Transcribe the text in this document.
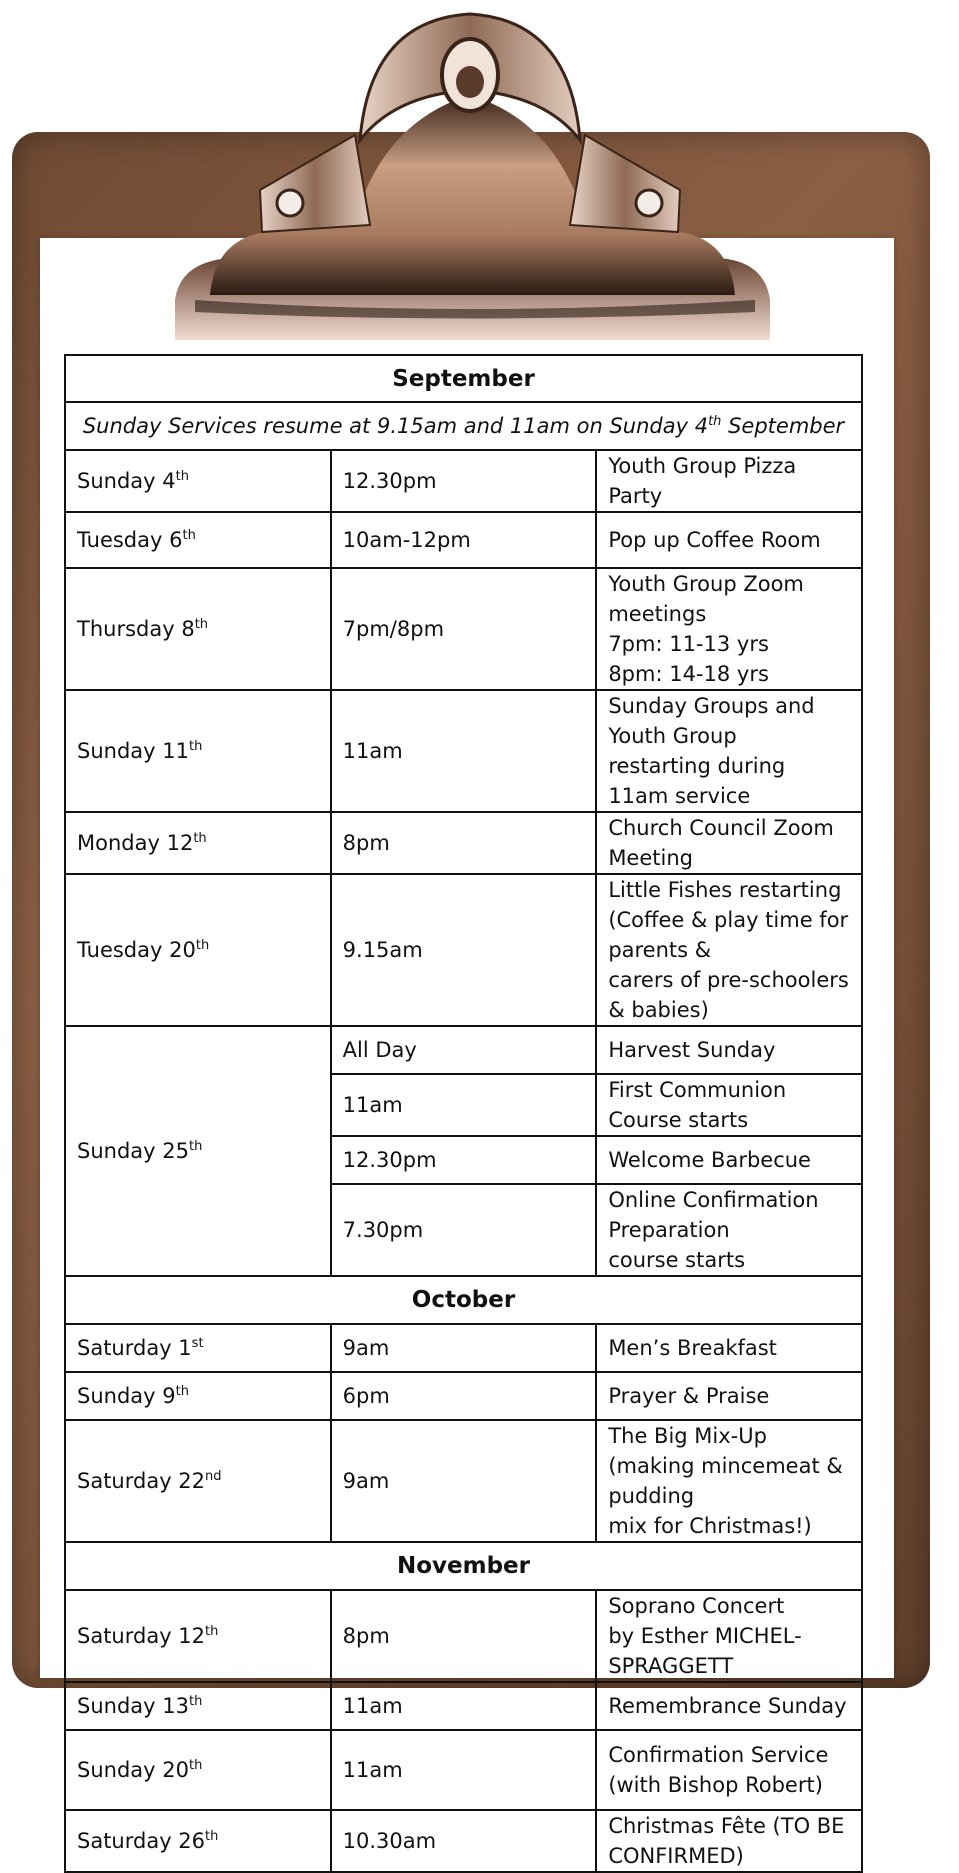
September		
Sunday Services resume at 9.15am and 11am on Sunday 4th September		
Sunday 4th	12.30pm	Youth Group Pizza Party

Tuesday 6th	10am-12pm	Pop up Coffee Room

Thursday 8th	7pm/8pm	Youth Group Zoom meetings
7pm: 11-13 yrs
8pm: 14-18 yrs

Sunday 11th	11am	Sunday Groups and Youth Group
restarting during 11am service

Monday 12th	8pm	Church Council Zoom Meeting

Tuesday 20th	9.15am	Little Fishes restarting
(Coffee & play time for parents &
carers of pre-schoolers & babies)

Sunday 25th	All Day	Harvest Sunday

	11am	First Communion Course starts

	12.30pm	Welcome Barbecue

	7.30pm	Online Confirmation Preparation
course starts

October		
Saturday 1st	9am	Men’s Breakfast

Sunday 9th	6pm	Prayer & Praise

Saturday 22nd	9am	The Big Mix-Up
(making mincemeat & pudding
mix for Christmas!)

November		
Saturday 12th	8pm	Soprano Concert
by Esther MICHEL-SPRAGGETT

Sunday 13th	11am	Remembrance Sunday

Sunday 20th	11am	Confirmation Service
(with Bishop Robert)

Saturday 26th	10.30am	Christmas Fête (TO BE CONFIRMED)
